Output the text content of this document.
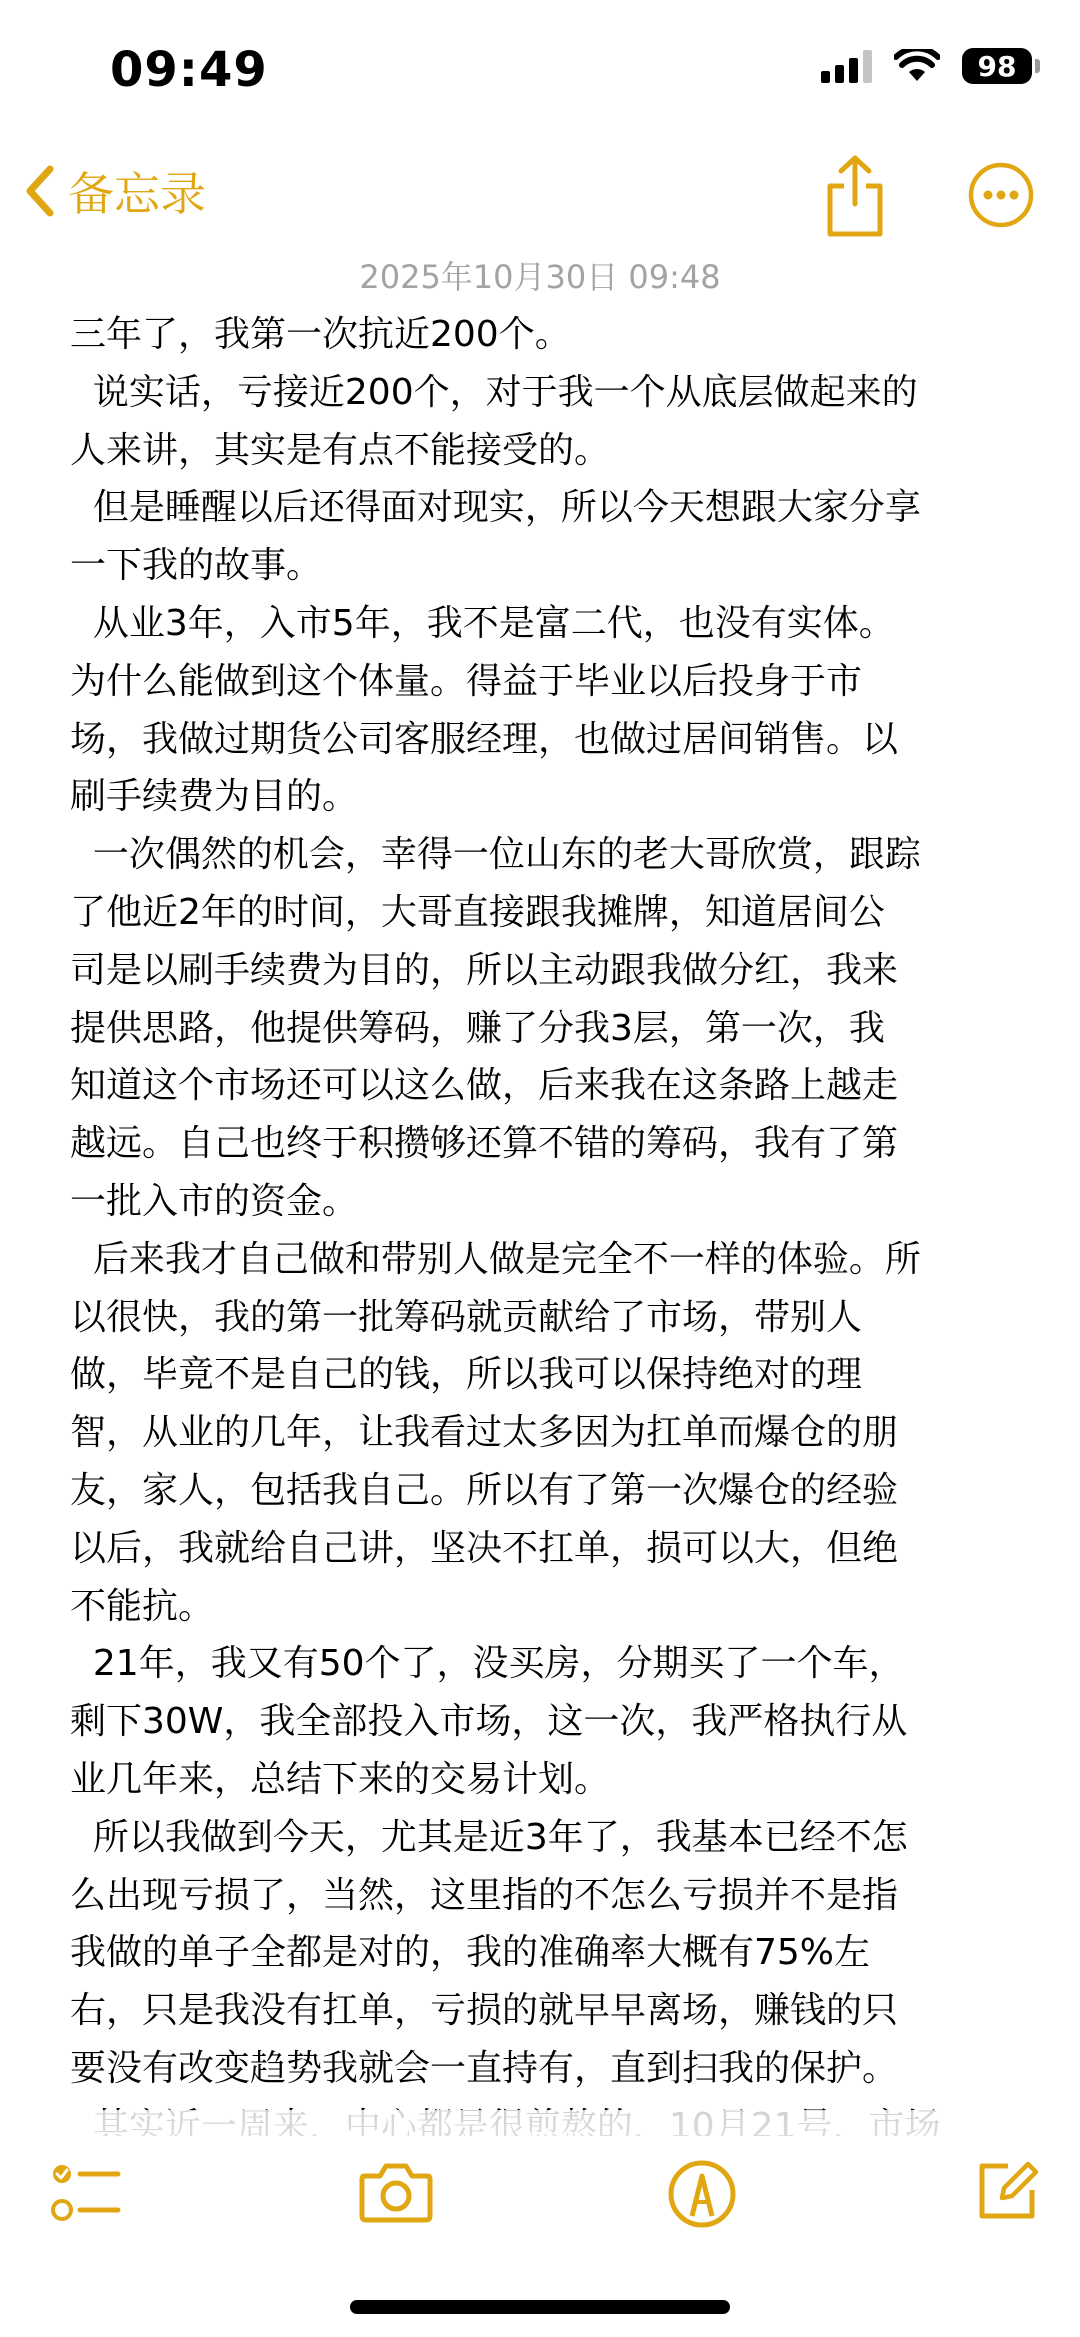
09:49	98
备忘录
2025年10月30日 09:48
三年了，我第一次抗近200个。
说实话，亏接近200个，对于我一个从底层做起来的
人来讲，其实是有点不能接受的。
但是睡醒以后还得面对现实，所以今天想跟大家分享
一下我的故事。
从业3年，入市5年，我不是富二代，也没有实体。
为什么能做到这个体量。得益于毕业以后投身于市
场，我做过期货公司客服经理，也做过居间销售。以
刷手续费为目的。
一次偶然的机会，幸得一位山东的老大哥欣赏，跟踪
了他近2年的时间，大哥直接跟我摊牌，知道居间公
司是以刷手续费为目的，所以主动跟我做分红，我来
提供思路，他提供筹码，赚了分我3层，第一次，我
知道这个市场还可以这么做，后来我在这条路上越走
越远。自己也终于积攒够还算不错的筹码，我有了第
一批入市的资金。
后来我才自己做和带别人做是完全不一样的体验。所
以很快，我的第一批筹码就贡献给了市场，带别人
做，毕竟不是自己的钱，所以我可以保持绝对的理
智，从业的几年，让我看过太多因为扛单而爆仓的朋
友，家人，包括我自己。所以有了第一次爆仓的经验
以后，我就给自己讲，坚决不扛单，损可以大，但绝
不能抗。
21年，我又有50个了，没买房，分期买了一个车，
剩下30W，我全部投入市场，这一次，我严格执行从
业几年来，总结下来的交易计划。
所以我做到今天，尤其是近3年了，我基本已经不怎
么出现亏损了，当然，这里指的不怎么亏损并不是指
我做的单子全都是对的，我的准确率大概有75%左
右，只是我没有扛单，亏损的就早早离场，赚钱的只
要没有改变趋势我就会一直持有，直到扫我的保护。
